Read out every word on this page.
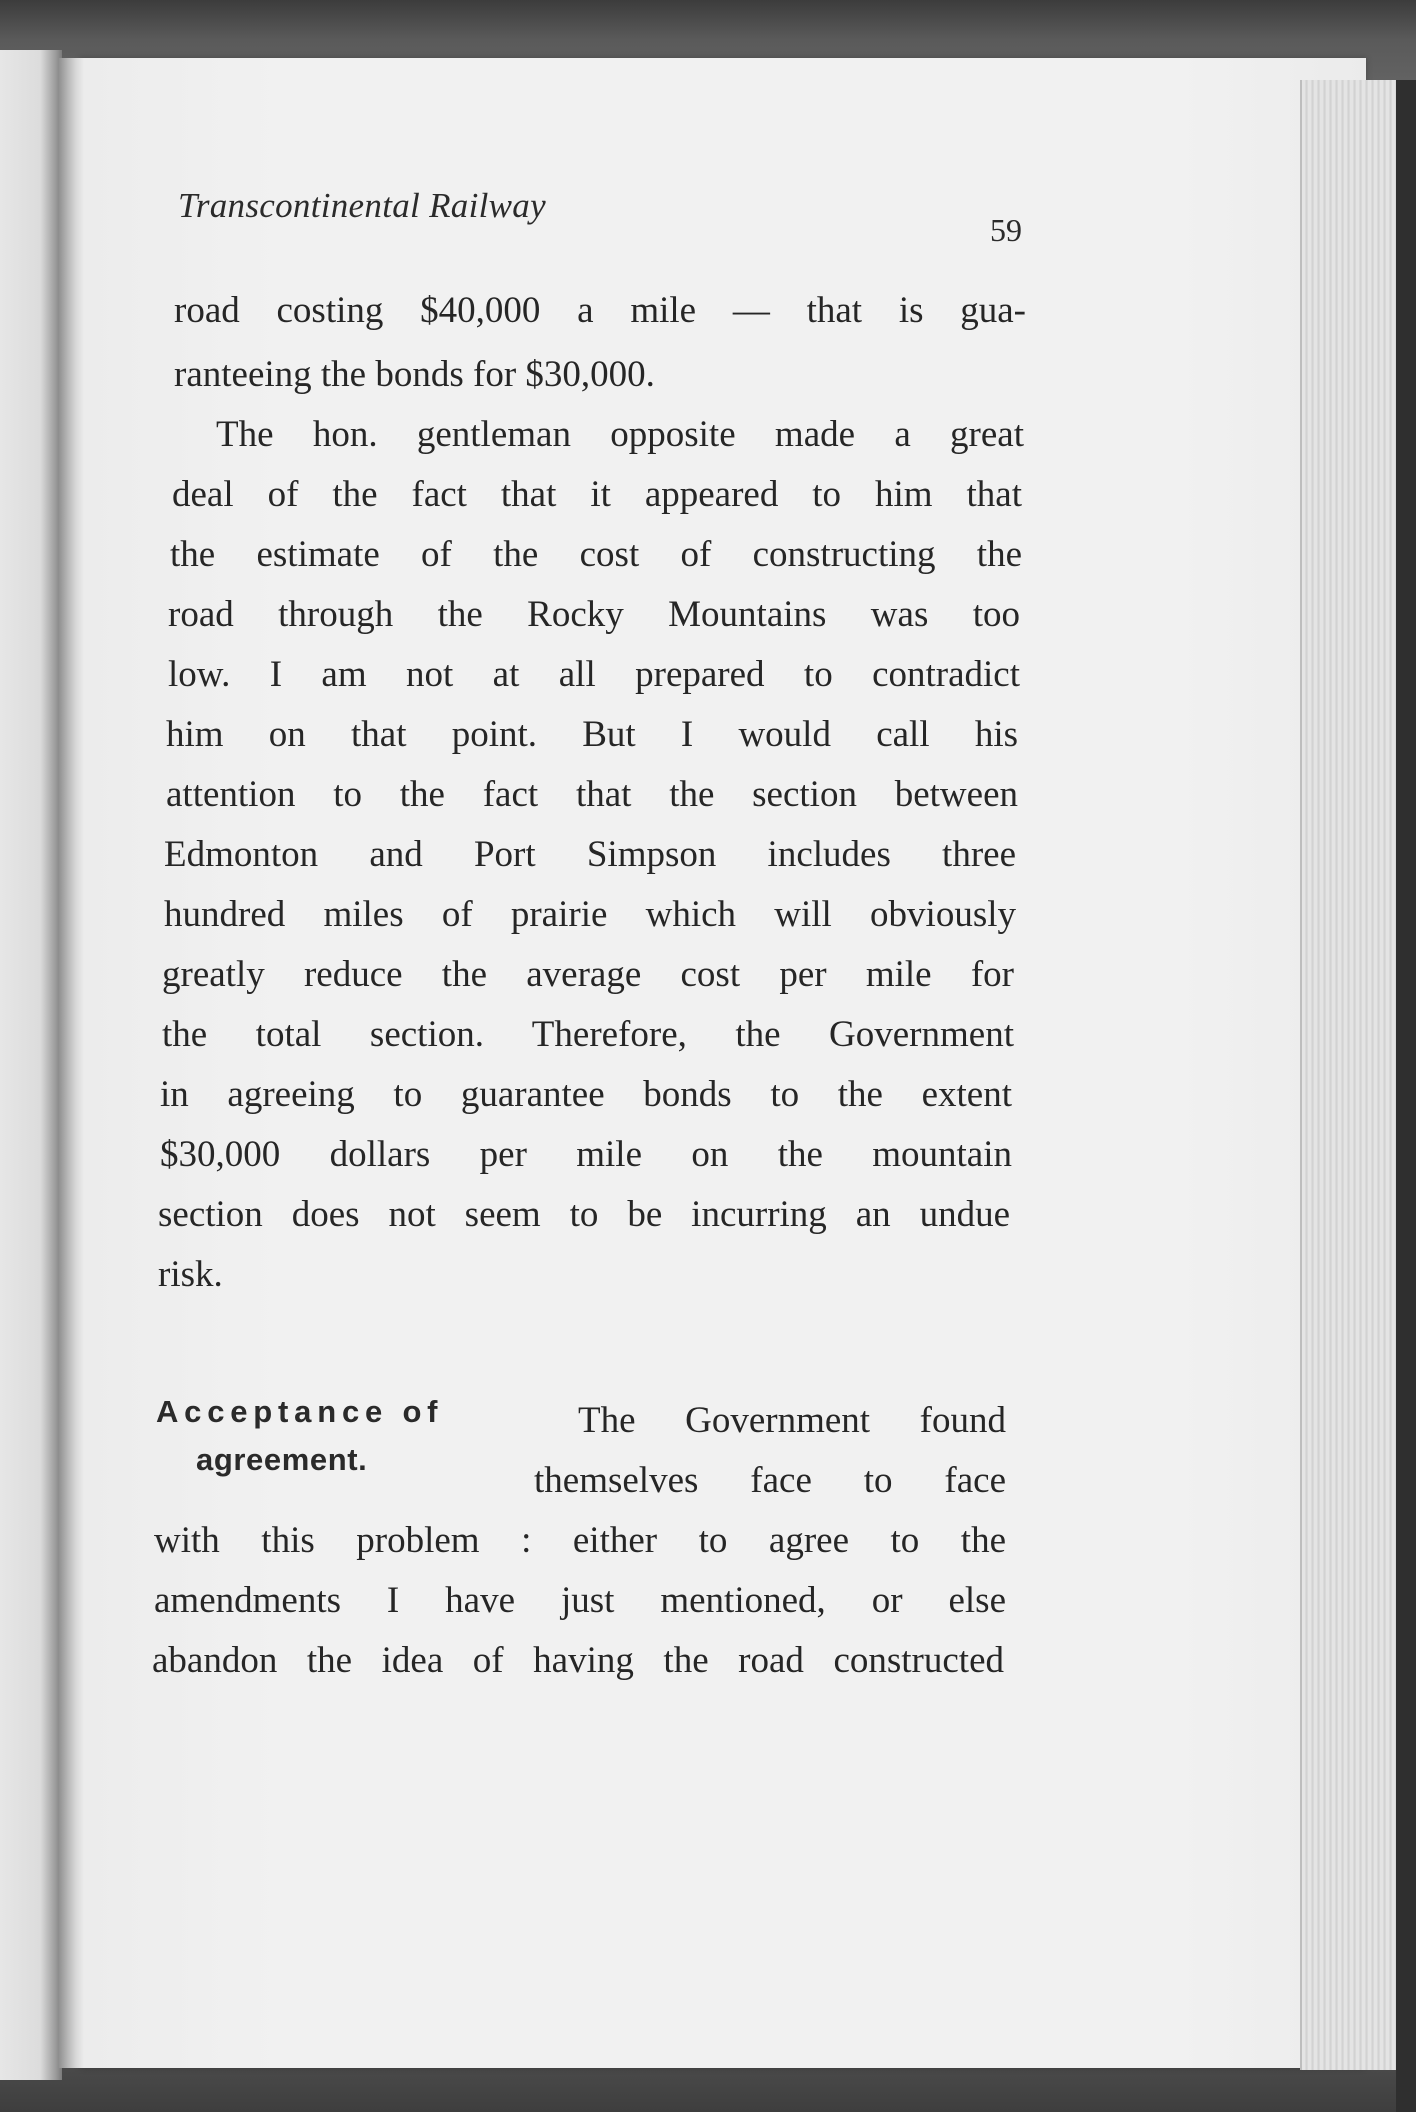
Transcontinental Railway
59
road costing $40,000 a mile — that is gua-
ranteeing the bonds for $30,000.
The hon. gentleman opposite made a great
deal of the fact that it appeared to him that
the estimate of the cost of constructing the
road through the Rocky Mountains was too
low. I am not at all prepared to contradict
him on that point. But I would call his
attention to the fact that the section between
Edmonton and Port Simpson includes three
hundred miles of prairie which will obviously
greatly reduce the average cost per mile for
the total section. Therefore, the Government
in agreeing to guarantee bonds to the extent
$30,000 dollars per mile on the mountain
section does not seem to be incurring an undue
risk.
Acceptance of
agreement.
The Government found
themselves face to face
with this problem : either to agree to the
amendments I have just mentioned, or else
abandon the idea of having the road constructed
